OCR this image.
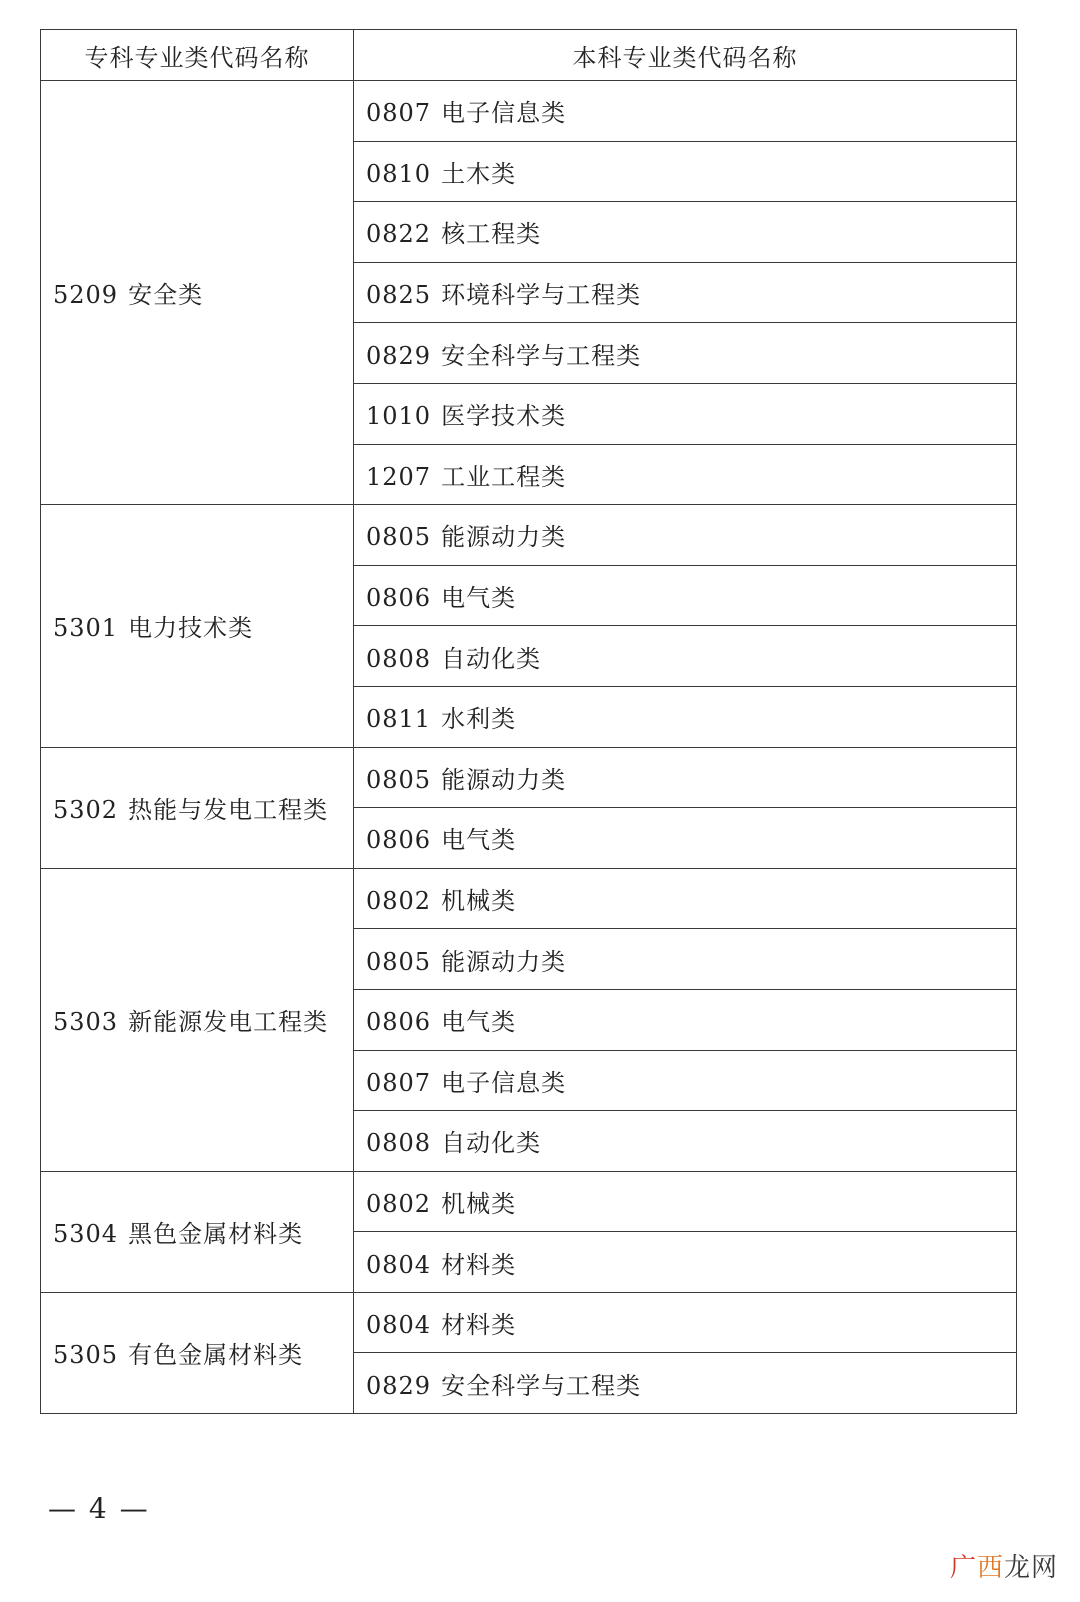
专科专业类代码名称	本科专业类代码名称
5209 安全类	0807 电子信息类
	0810 土木类
	0822 核工程类
	0825 环境科学与工程类
	0829 安全科学与工程类
	1010 医学技术类
	1207 工业工程类
5301 电力技术类	0805 能源动力类
	0806 电气类
	0808 自动化类
	0811 水利类
5302 热能与发电工程类	0805 能源动力类
	0806 电气类
5303 新能源发电工程类	0802 机械类
	0805 能源动力类
	0806 电气类
	0807 电子信息类
	0808 自动化类
5304 黑色金属材料类	0802 机械类
	0804 材料类
5305 有色金属材料类	0804 材料类
	0829 安全科学与工程类
— 4 —
广西龙网
